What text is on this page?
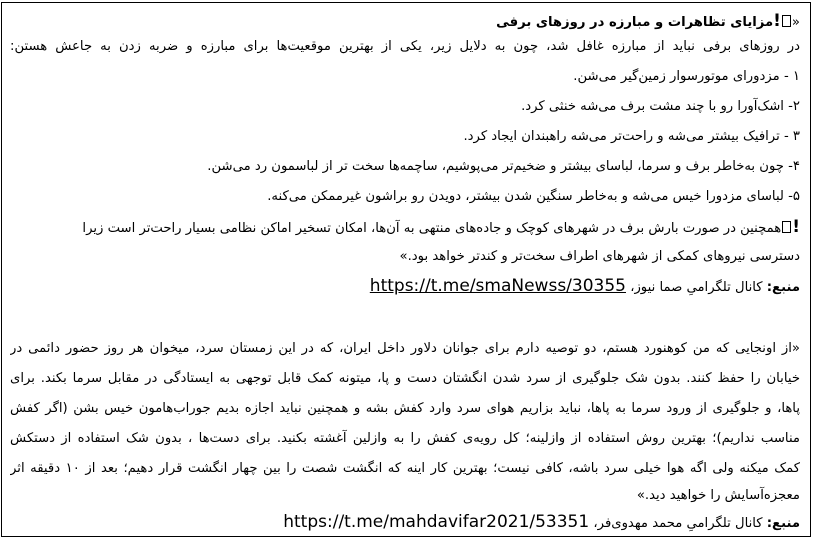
«!مزایای تظاهرات و مبارزه در روزهای برفی
در روزهای برفی نباید از مبارزه غافل شد، چون به دلایل زیر، یکی از بهترین موقعیت‌ها برای مبارزه و ضربه زدن به جاعش هستن:
۱ - مزدورای موتورسوار زمین‌گیر می‌شن.
۲- اشک‌آورا رو با چند مشت برف می‌شه خنثی کرد.
۳ - ترافیک بیشتر می‌شه و راحت‌تر می‌شه راهبندان ایجاد کرد.
۴- چون به‌خاطر برف و سرما، لباسای بیشتر و ضخیم‌تر می‌پوشیم، ساچمه‌ها سخت تر از لباسمون رد می‌شن.
۵- لباسای مزدورا خیس می‌شه و به‌خاطر سنگین شدن بیشتر، دویدن رو براشون غیرممکن می‌کنه.
!همچنین در صورت بارش برف در شهرهای کوچک و جاده‌های منتهی به آن‌ها، امکان تسخیر اماکن نظامی بسیار راحت‌تر است زیرا
دسترسی نیروهای کمکی از شهرهای اطراف سخت‌تر و کندتر خواهد بود.»
منبع: کانال تلگرامی‌ِ صما نیوز، https://t.me/smaNewss/30355
«از اونجایی که من کوهنورد هستم، دو توصیه دارم برای جوانان دلاور داخل ایران، که در این زمستان سرد، میخوان هر روز حضور دائمی در
خیابان را حفظ کنند. بدون شک جلوگیری از سرد شدن انگشتان دست و پا، میتونه کمک قابل توجهی به ایستادگی در مقابل سرما بکند. برای
پاها، و جلوگیری از ورود سرما به پاها، نباید بزاریم هوای سرد وارد کفش بشه و همچنین نباید اجازه بدیم جوراب‌هامون خیس بشن (اگر کفش
مناسب نداریم)؛ بهترین روش استفاده از وازلینه؛ کل رویه‌ی کفش را به وازلین آغشته بکنید. برای دست‌ها ، بدون شک استفاده از دستکش
کمک میکنه ولی اگه هوا خیلی سرد باشه، کافی نیست؛ بهترین کار اینه که انگشت شصت را بین چهار انگشت قرار دهیم؛ بعد از ۱۰ دقیقه اثر
معجزه‌آسایش را خواهید دید.»
منبع: کانال تلگرامی‌ِ محمد مهدوی‌فر، https://t.me/mahdavifar2021/53351
